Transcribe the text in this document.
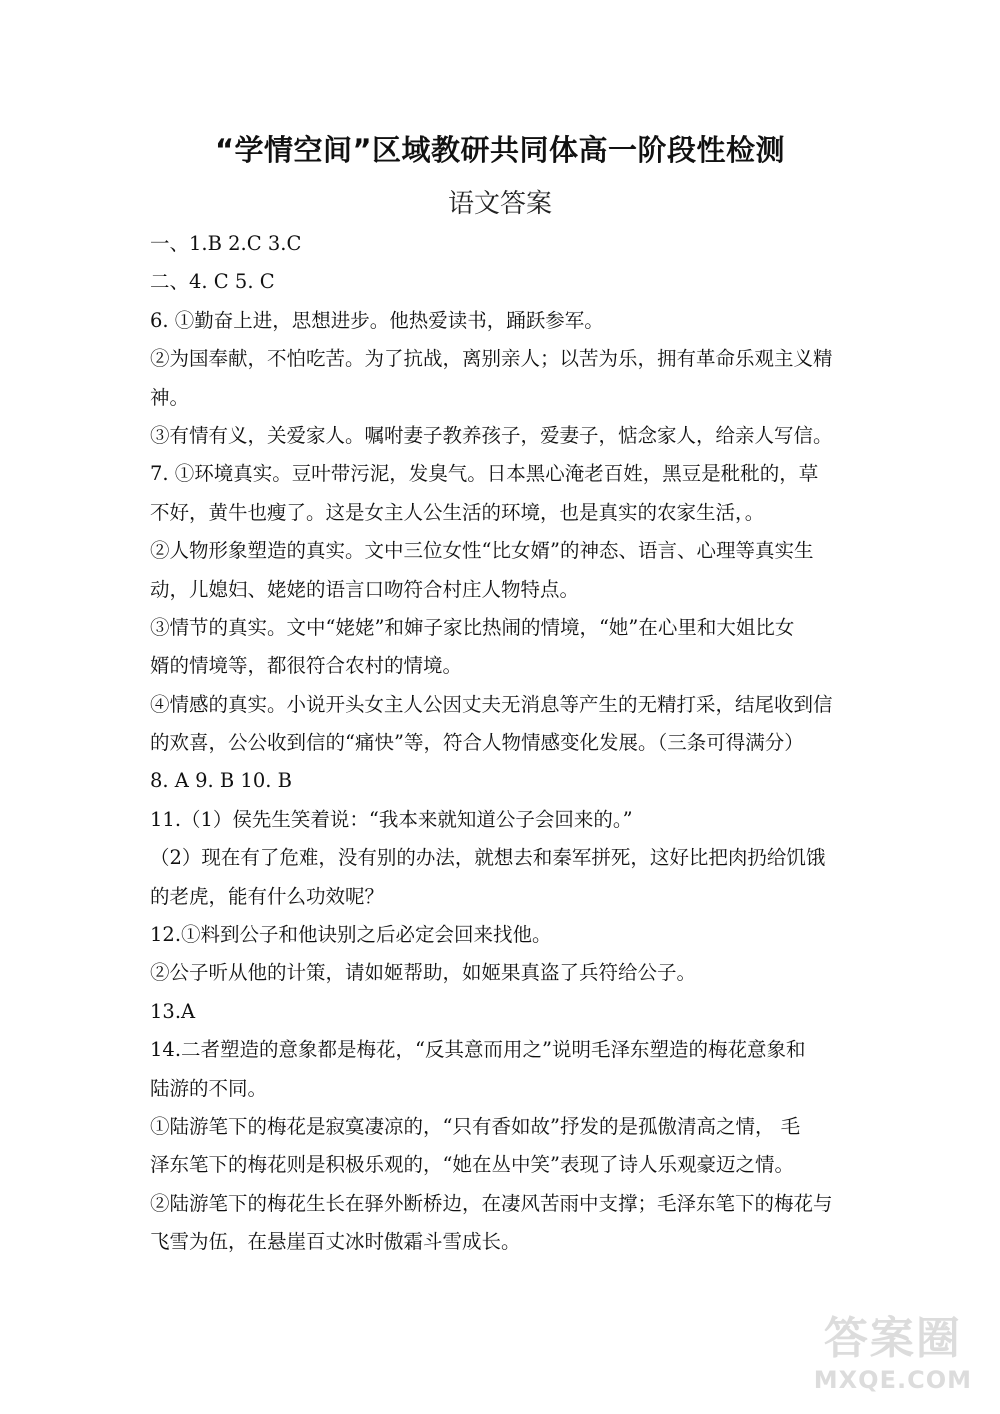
“学情空间”区域教研共同体高一阶段性检测
语文答案
一、1.B 2.C 3.C
二、4. C 5. C
6. ①勤奋上进，思想进步。他热爱读书，踊跃参军。
②为国奉献，不怕吃苦。为了抗战，离别亲人；以苦为乐，拥有革命乐观主义精
神。
③有情有义，关爱家人。嘱咐妻子教养孩子，爱妻子，惦念家人，给亲人写信。
7. ①环境真实。豆叶带污泥，发臭气。日本黑心淹老百姓，黑豆是秕秕的，草
不好，黄牛也瘦了。这是女主人公生活的环境，也是真实的农家生活，。
②人物形象塑造的真实。文中三位女性“比女婿”的神态、语言、心理等真实生
动，儿媳妇、姥姥的语言口吻符合村庄人物特点。
③情节的真实。文中“姥姥”和婶子家比热闹的情境，“她”在心里和大姐比女
婿的情境等，都很符合农村的情境。
④情感的真实。小说开头女主人公因丈夫无消息等产生的无精打采，结尾收到信
的欢喜，公公收到信的“痛快”等，符合人物情感变化发展。（三条可得满分）
8. A 9. B 10. B
11.（1）侯先生笑着说：“我本来就知道公子会回来的。”
（2）现在有了危难，没有别的办法，就想去和秦军拼死，这好比把肉扔给饥饿
的老虎，能有什么功效呢？
12.①料到公子和他诀别之后必定会回来找他。
②公子听从他的计策，请如姬帮助，如姬果真盗了兵符给公子。
13.A
14.二者塑造的意象都是梅花，“反其意而用之”说明毛泽东塑造的梅花意象和
陆游的不同。
①陆游笔下的梅花是寂寞凄凉的，“只有香如故”抒发的是孤傲清高之情， 毛
泽东笔下的梅花则是积极乐观的，“她在丛中笑”表现了诗人乐观豪迈之情。
②陆游笔下的梅花生长在驿外断桥边，在凄风苦雨中支撑；毛泽东笔下的梅花与
飞雪为伍，在悬崖百丈冰时傲霜斗雪成长。
答案圈
MXQE.COM
